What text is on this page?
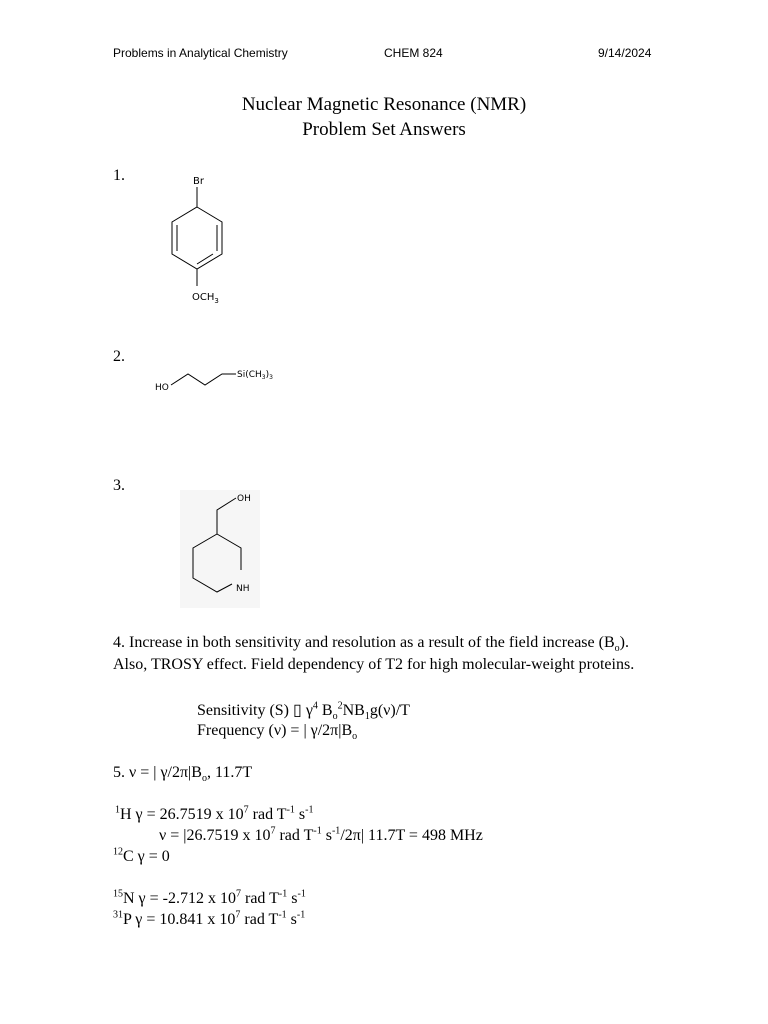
Problems in Analytical Chemistry	CHEM 824	9/14/2024
Nuclear Magnetic Resonance (NMR)
Problem Set Answers
1.	Br
$OCH_3$
2.
HO
$Si(CH_3)_3$
3.
OH
NH
4. Increase in both sensitivity and resolution as a result of the field increase $(B_o)$. Also, TROSY effect. Field dependency of T2 for high molecular-weight proteins.
Sensitivity (S) ▯ $\gamma^4$ $B_o^2NB_1g(\nu)/T$
Frequency (ν) = | $\gamma/2\pi|B_o$
5. ν = | $\gamma/2\pi|B_o$, 11.7T
$^1$H γ = 26.7519 x $10^7$ rad $T^{-1}$ $s^{-1}$
ν = |26.7519 x $10^7$ rad $T^{-1}$ $s^{-1}/2\pi|$ 11.7T = 498 MHz
$^{12}$C γ = 0
$^{15}$N γ = -2.712 x $10^7$ rad $T^{-1}$ $s^{-1}$
$^{31}$P γ = 10.841 x $10^7$ rad $T^{-1}$ $s^{-1}$
